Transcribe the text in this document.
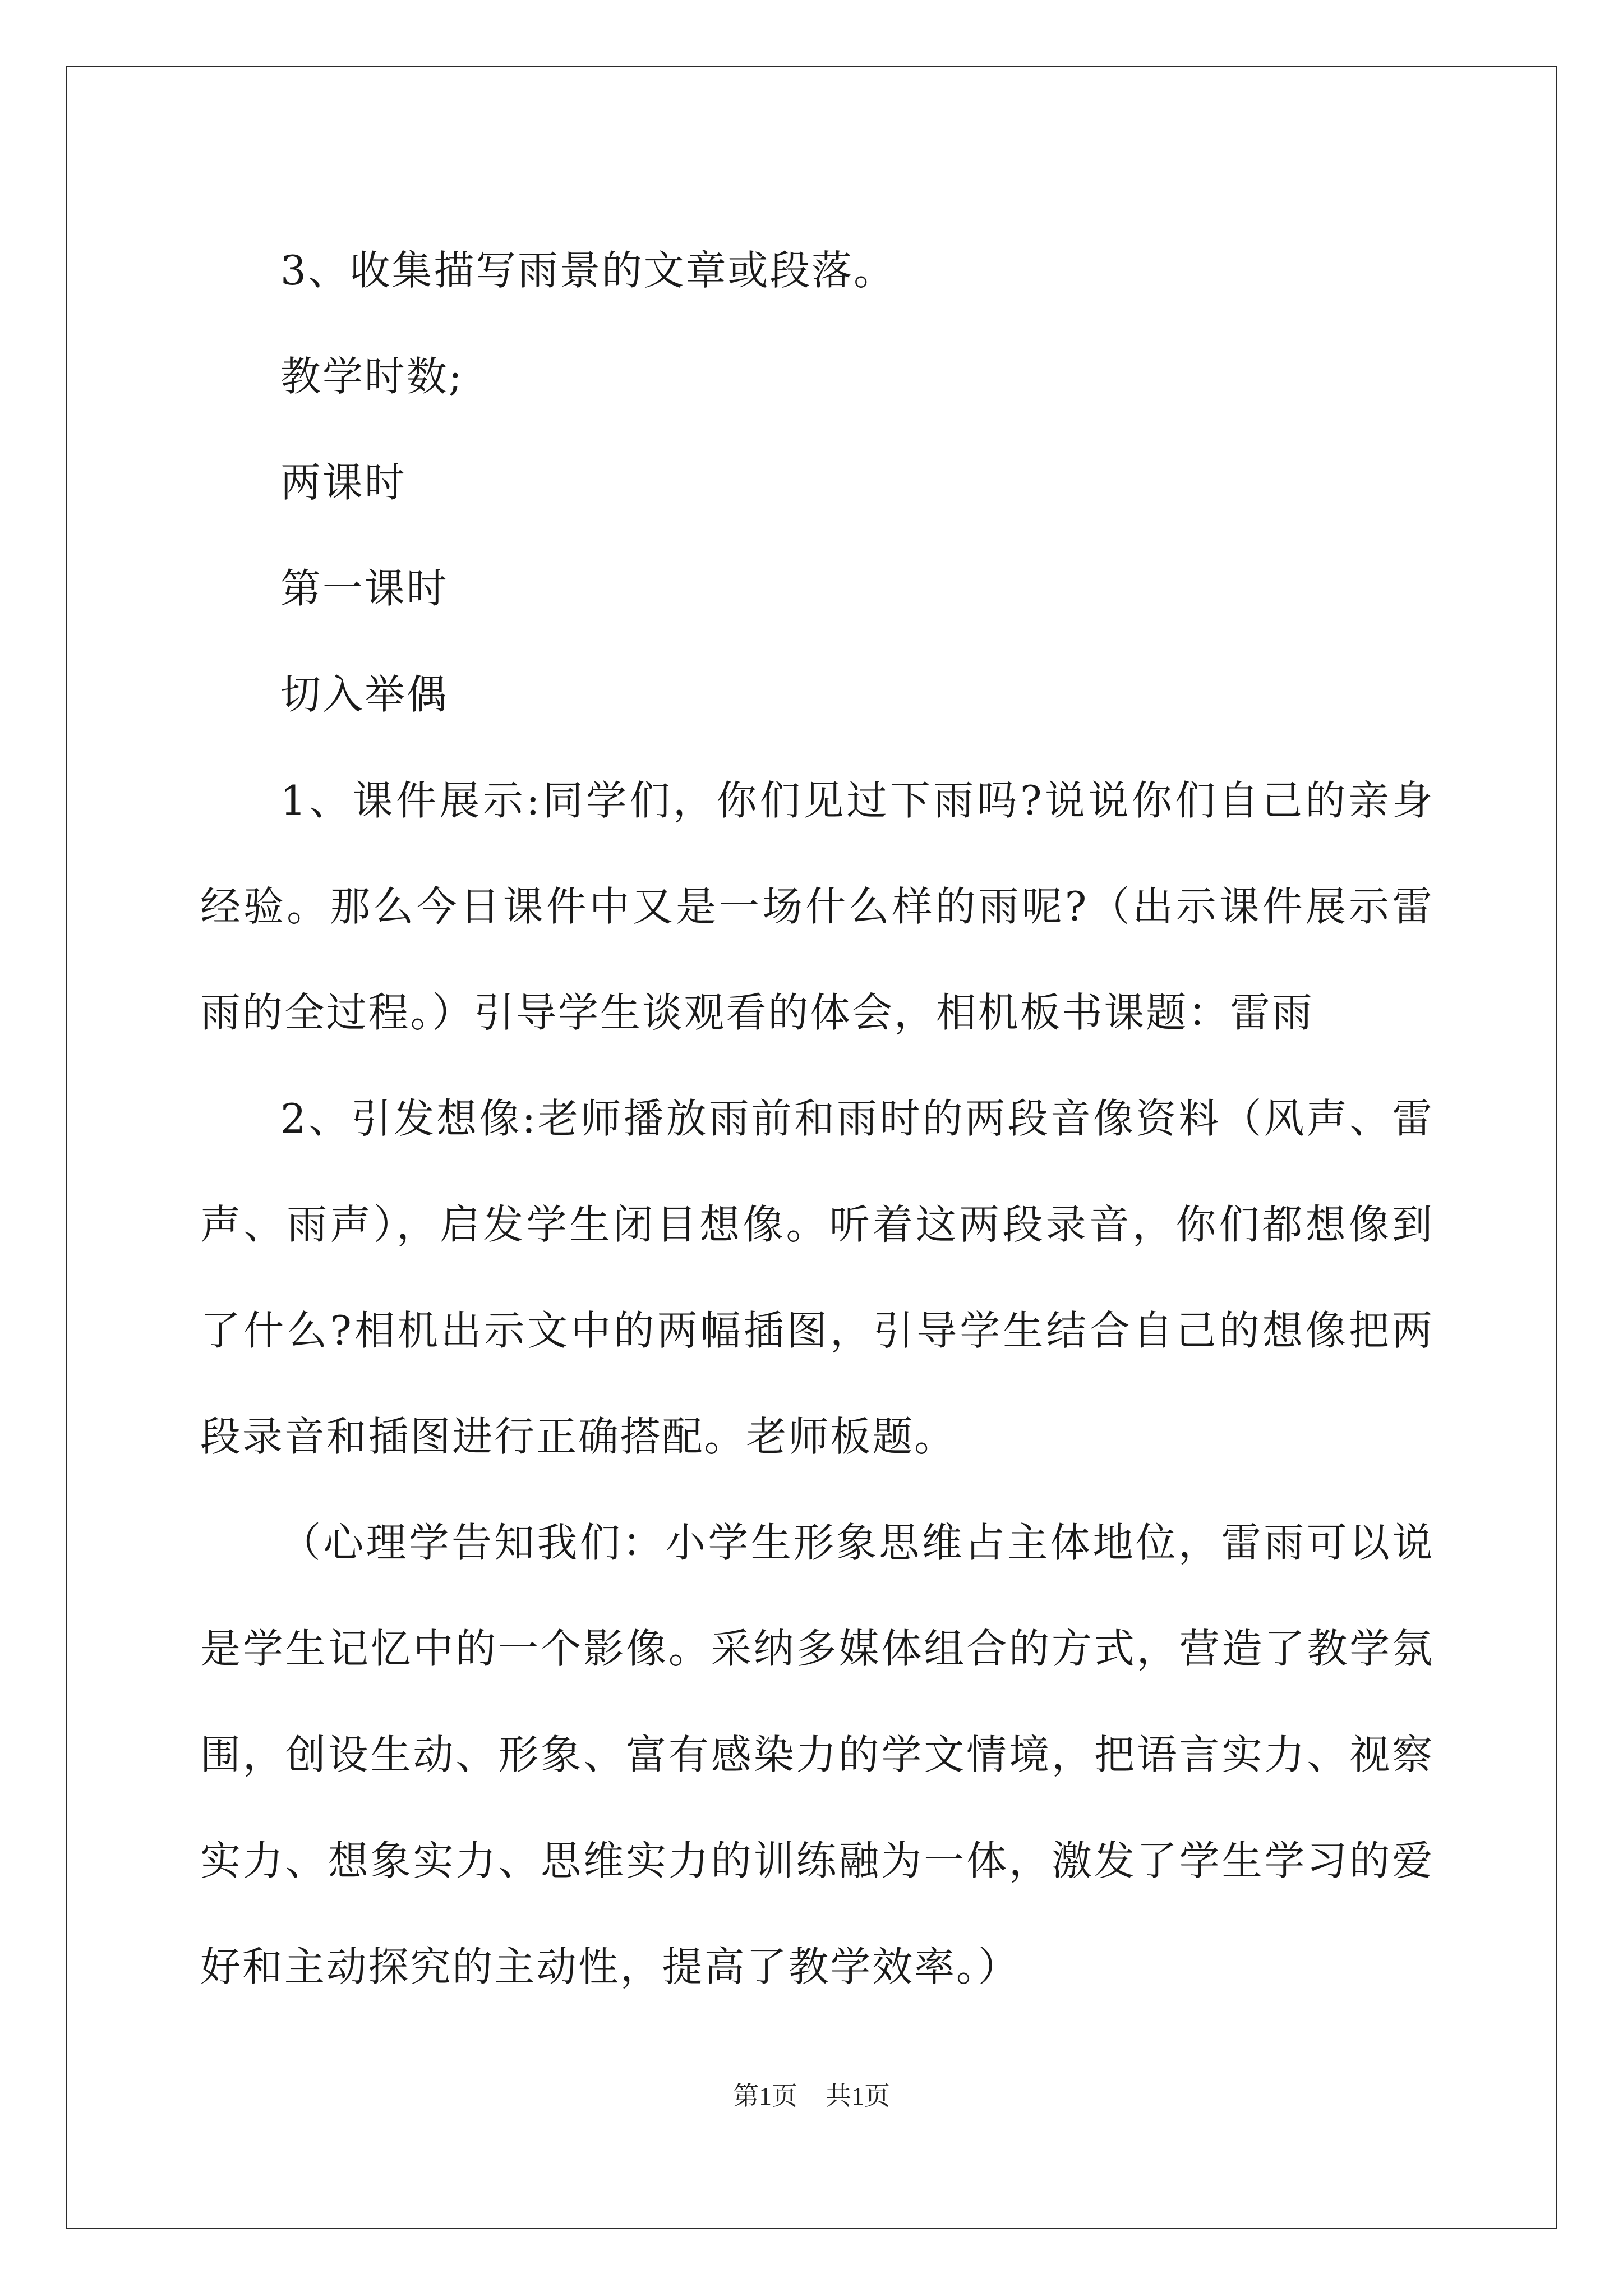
3、收集描写雨景的文章或段落。

教学时数;

两课时

第一课时

切入举偶

1、课件展示:同学们，你们见过下雨吗?说说你们自己的亲身经验。那么今日课件中又是一场什么样的雨呢?（出示课件展示雷雨的全过程。）引导学生谈观看的体会，相机板书课题：雷雨

2、引发想像:老师播放雨前和雨时的两段音像资料（风声、雷声、雨声），启发学生闭目想像。听着这两段录音，你们都想像到了什么?相机出示文中的两幅插图，引导学生结合自己的想像把两段录音和插图进行正确搭配。老师板题。

（心理学告知我们：小学生形象思维占主体地位，雷雨可以说是学生记忆中的一个影像。采纳多媒体组合的方式，营造了教学氛围，创设生动、形象、富有感染力的学文情境，把语言实力、视察实力、想象实力、思维实力的训练融为一体，激发了学生学习的爱好和主动探究的主动性，提高了教学效率。）

第1页 共1页
